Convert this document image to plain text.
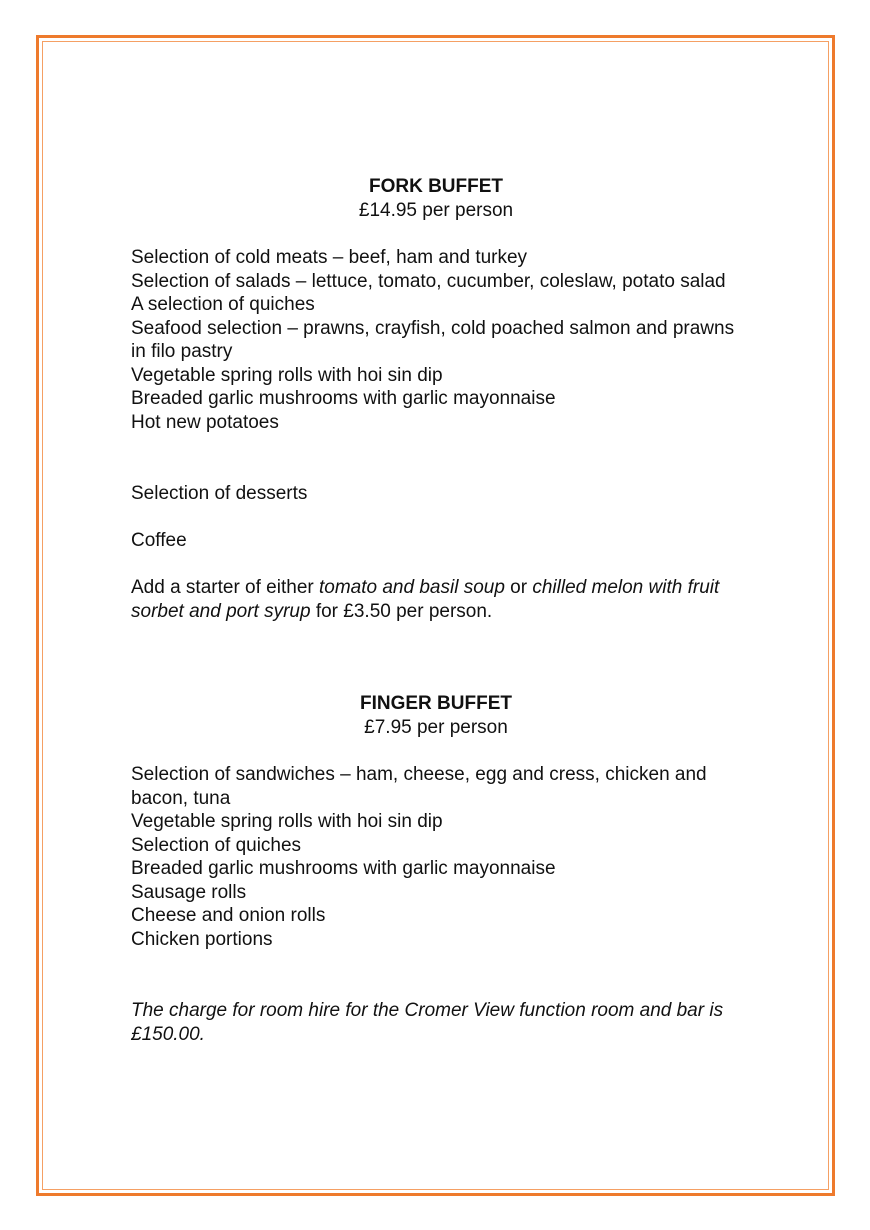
FORK BUFFET
£14.95 per person
Selection of cold meats – beef, ham and turkey
Selection of salads – lettuce, tomato, cucumber, coleslaw, potato salad
A selection of quiches
Seafood selection – prawns, crayfish, cold poached salmon and prawns in filo pastry
Vegetable spring rolls with hoi sin dip
Breaded garlic mushrooms with garlic mayonnaise
Hot new potatoes

Selection of desserts

Coffee

Add a starter of either tomato and basil soup or chilled melon with fruit sorbet and port syrup for £3.50 per person.

FINGER BUFFET
£7.95 per person
Selection of sandwiches – ham, cheese, egg and cress, chicken and bacon, tuna
Vegetable spring rolls with hoi sin dip
Selection of quiches
Breaded garlic mushrooms with garlic mayonnaise
Sausage rolls
Cheese and onion rolls
Chicken portions

The charge for room hire for the Cromer View function room and bar is £150.00.
